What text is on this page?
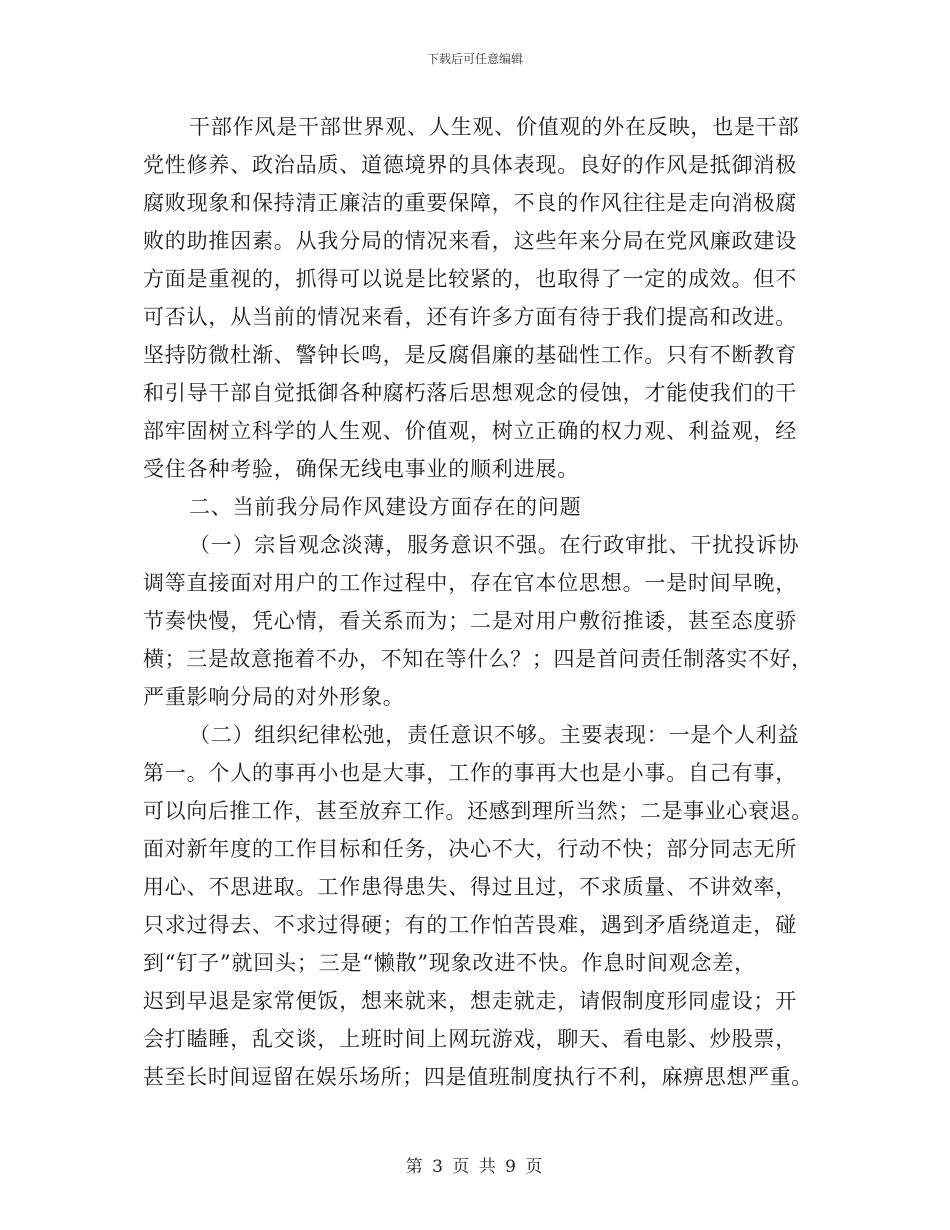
下载后可任意编辑
干部作风是干部世界观、人生观、价值观的外在反映，也是干部
党性修养、政治品质、道德境界的具体表现。良好的作风是抵御消极
腐败现象和保持清正廉洁的重要保障，不良的作风往往是走向消极腐
败的助推因素。从我分局的情况来看，这些年来分局在党风廉政建设
方面是重视的，抓得可以说是比较紧的，也取得了一定的成效。但不
可否认，从当前的情况来看，还有许多方面有待于我们提高和改进。
坚持防微杜渐、警钟长鸣，是反腐倡廉的基础性工作。只有不断教育
和引导干部自觉抵御各种腐朽落后思想观念的侵蚀，才能使我们的干
部牢固树立科学的人生观、价值观，树立正确的权力观、利益观，经
受住各种考验，确保无线电事业的顺利进展。
二、当前我分局作风建设方面存在的问题
（一）宗旨观念淡薄，服务意识不强。在行政审批、干扰投诉协
调等直接面对用户的工作过程中，存在官本位思想。一是时间早晚，
节奏快慢，凭心情，看关系而为；二是对用户敷衍推诿，甚至态度骄
横；三是故意拖着不办，不知在等什么？；四是首问责任制落实不好，
严重影响分局的对外形象。
（二）组织纪律松弛，责任意识不够。主要表现：一是个人利益
第一。个人的事再小也是大事，工作的事再大也是小事。自己有事，
可以向后推工作，甚至放弃工作。还感到理所当然；二是事业心衰退。
面对新年度的工作目标和任务，决心不大，行动不快；部分同志无所
用心、不思进取。工作患得患失、得过且过，不求质量、不讲效率，
只求过得去、不求过得硬；有的工作怕苦畏难，遇到矛盾绕道走，碰
到“钉子”就回头；三是“懒散”现象改进不快。作息时间观念差，
迟到早退是家常便饭，想来就来，想走就走，请假制度形同虚设；开
会打瞌睡，乱交谈，上班时间上网玩游戏，聊天、看电影、炒股票，
甚至长时间逗留在娱乐场所；四是值班制度执行不利，麻痹思想严重。
第 3 页 共 9 页
